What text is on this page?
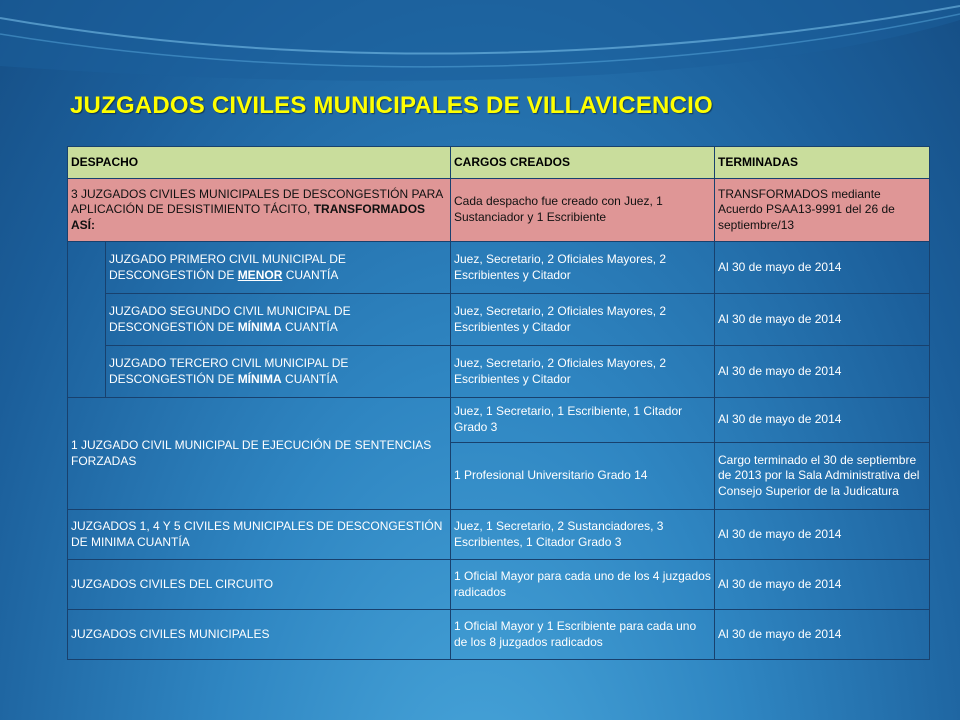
JUZGADOS CIVILES MUNICIPALES DE VILLAVICENCIO
DESPACHO		CARGOS CREADOS	TERMINADAS
3 JUZGADOS CIVILES MUNICIPALES DE DESCONGESTIÓN PARA APLICACIÓN DE DESISTIMIENTO TÁCITO, TRANSFORMADOS ASÍ:		Cada despacho fue creado con Juez, 1 Sustanciador y 1 Escribiente	TRANSFORMADOS mediante Acuerdo PSAA13-9991 del 26 de septiembre/13
	JUZGADO PRIMERO CIVIL MUNICIPAL DE DESCONGESTIÓN DE MENOR CUANTÍA	Juez, Secretario, 2 Oficiales Mayores, 2 Escribientes y Citador	Al 30 de mayo de 2014
	JUZGADO SEGUNDO CIVIL MUNICIPAL DE DESCONGESTIÓN DE MÍNIMA CUANTÍA	Juez, Secretario, 2 Oficiales Mayores, 2 Escribientes y Citador	Al 30 de mayo de 2014
	JUZGADO TERCERO CIVIL MUNICIPAL DE DESCONGESTIÓN DE MÍNIMA CUANTÍA	Juez, Secretario, 2 Oficiales Mayores, 2 Escribientes y Citador	Al 30 de mayo de 2014
1 JUZGADO CIVIL MUNICIPAL DE EJECUCIÓN DE SENTENCIAS FORZADAS		Juez, 1 Secretario, 1 Escribiente, 1 Citador Grado 3	Al 30 de mayo de 2014
		1 Profesional Universitario Grado 14	Cargo terminado el 30 de septiembre de 2013 por la Sala Administrativa del Consejo Superior de la Judicatura
JUZGADOS 1, 4 Y 5 CIVILES MUNICIPALES DE DESCONGESTIÓN DE MINIMA CUANTÍA		Juez, 1 Secretario, 2 Sustanciadores, 3 Escribientes, 1 Citador Grado 3	Al 30 de mayo de 2014
JUZGADOS CIVILES DEL CIRCUITO		1 Oficial Mayor para cada uno de los 4 juzgados radicados	Al 30 de mayo de 2014
JUZGADOS CIVILES MUNICIPALES		1 Oficial Mayor y 1 Escribiente para cada uno de los 8 juzgados radicados	Al 30 de mayo de 2014
